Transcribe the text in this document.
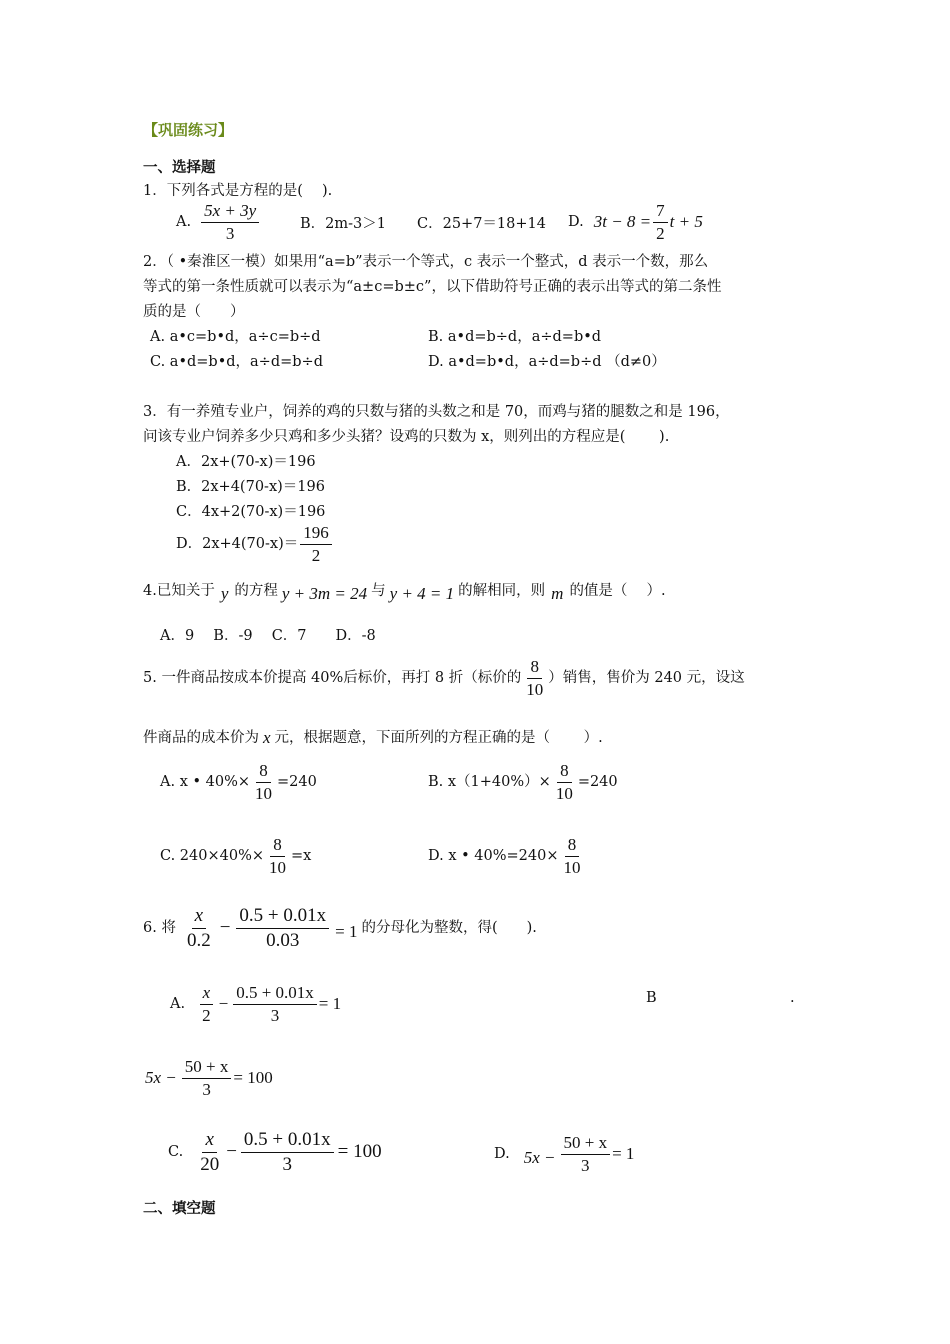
【巩固练习】
一、选择题
1．下列各式是方程的是(　 ).
A. $\frac{5x + 3y}{3}$	B．2m-3＞1 C．25+7＝18+14 D. $3t - 8 = \frac{7}{2}$ t + 5
2．（ •秦淮区一模）如果用“a=b”表示一个等式，c 表示一个整式，d 表示一个数，那么
等式的第一条性质就可以表示为“a±c=b±c”，以下借助符号正确的表示出等式的第二条性
质的是（　　）
A. a•c=b•d，a÷c=b÷d	B. a•d=b÷d，a÷d=b•d
C. a•d=b•d，a÷d=b÷d	D. a•d=b•d，a÷d=b÷d （d≠0）
3．有一养殖专业户，饲养的鸡的只数与猪的头数之和是 70，而鸡与猪的腿数之和是 196，
问该专业户饲养多少只鸡和多少头猪？设鸡的只数为 x，则列出的方程应是(　　 ).
A．2x+(70-x)＝196
B．2x+4(70-x)＝196
C．4x+2(70-x)＝196
D．$2x+4(70-x)= \frac{196}{2}$
4.已知关于 y 的方程 y + 3m = 24 与 y + 4 = 1 的解相同，则 m 的值是（　 ）.
A．9　 B．-9　 C．7　　D．-8
5. 一件商品按成本价提高 40%后标价，再打 8 折（标价的 $\frac{8}{10}$ ）销售，售价为 240 元，设这
件商品的成本价为 x 元，根据题意，下面所列的方程正确的是（　　 ）.
A. x • $40\%\times \frac{8}{10} =240$	B. $x(1+40\%)\times \frac{8}{10} =240$
C. $240\times 40\%\times \frac{8}{10} =x$	D. x • $40\%=240\times \frac{8}{10}$
6. 将 $\frac{x}{0.2} - \frac{0.5 + 0.01x}{0.03} = 1$ 的分母化为整数，得(　　).
A. $\frac{x}{2} - \frac{0.5 + 0.01x}{3} = 1$	B	.
$5x - \frac{50 + x}{3} = 100$
C. $\frac{x}{20} - \frac{0.5 + 0.01x}{3} = 100$	D. $5x - \frac{50 + x}{3} = 1$
二、填空题
